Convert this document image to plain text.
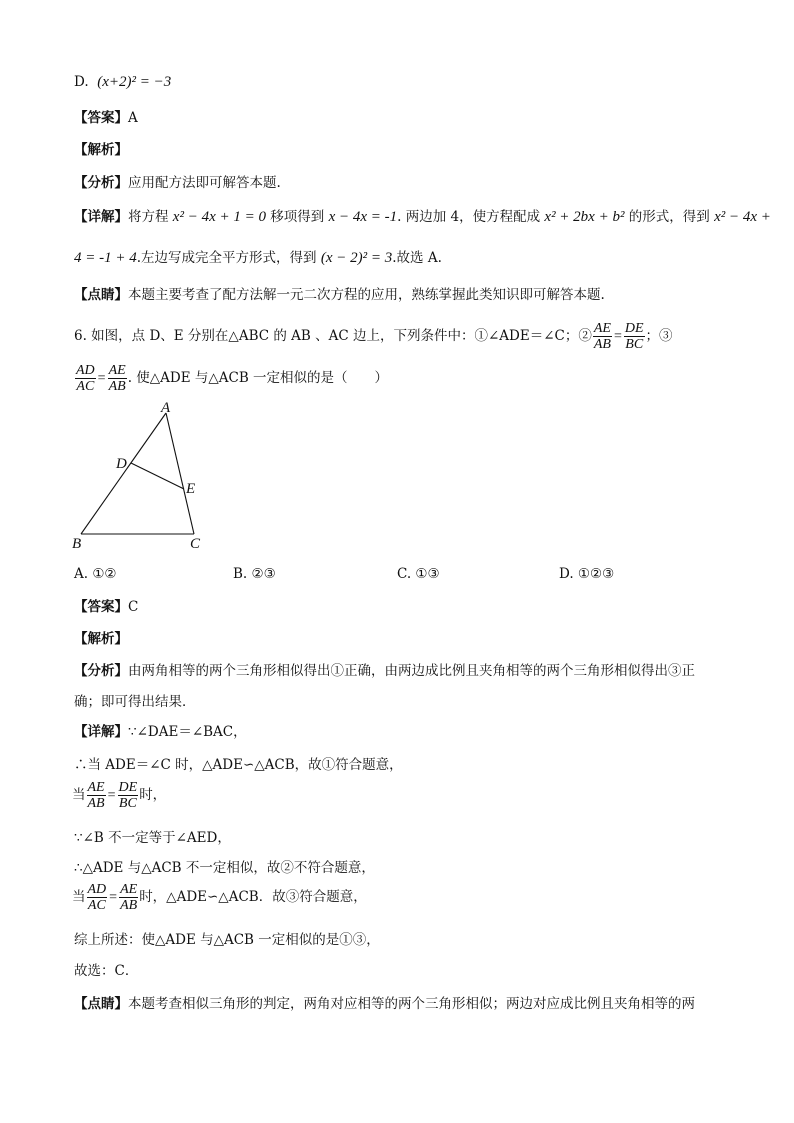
D. (x+2)² = −3
【答案】A
【解析】
【分析】应用配方法即可解答本题.
【详解】将方程 x² − 4x + 1 = 0 移项得到 x − 4x = -1. 两边加 4，使方程配成 x² + 2bx + b² 的形式，得到 x² − 4x +
4 = -1 + 4.左边写成完全平方形式，得到 (x − 2)² = 3.故选 A.
【点睛】本题主要考查了配方法解一元二次方程的应用，熟练掌握此类知识即可解答本题.
6. 如图，点 D、E 分别在△ABC 的 AB 、AC 边上，下列条件中：①∠ADE＝∠C；② $\frac{AE}{AB} = \frac{DE}{BC}$ ；③
$\frac{AD}{AC} = \frac{AE}{AB}$ . 使△ADE 与△ACB 一定相似的是（　　）
A
D
E
B	C
A. ①②	B. ②③	C. ①③	D. ①②③
【答案】C
【解析】
【分析】由两角相等的两个三角形相似得出①正确，由两边成比例且夹角相等的两个三角形相似得出③正
确；即可得出结果．
【详解】∵∠DAE＝∠BAC，
∴当 ADE＝∠C 时，△ADE∽△ACB，故①符合题意，
当 $\frac{AE}{AB} = \frac{DE}{BC}$ 时，
∵∠B 不一定等于∠AED，
∴△ADE 与△ACB 不一定相似，故②不符合题意，
当 $\frac{AD}{AC} = \frac{AE}{AB}$ 时，△ADE∽△ACB．故③符合题意，
综上所述：使△ADE 与△ACB 一定相似的是①③，
故选：C．
【点睛】本题考查相似三角形的判定，两角对应相等的两个三角形相似；两边对应成比例且夹角相等的两
